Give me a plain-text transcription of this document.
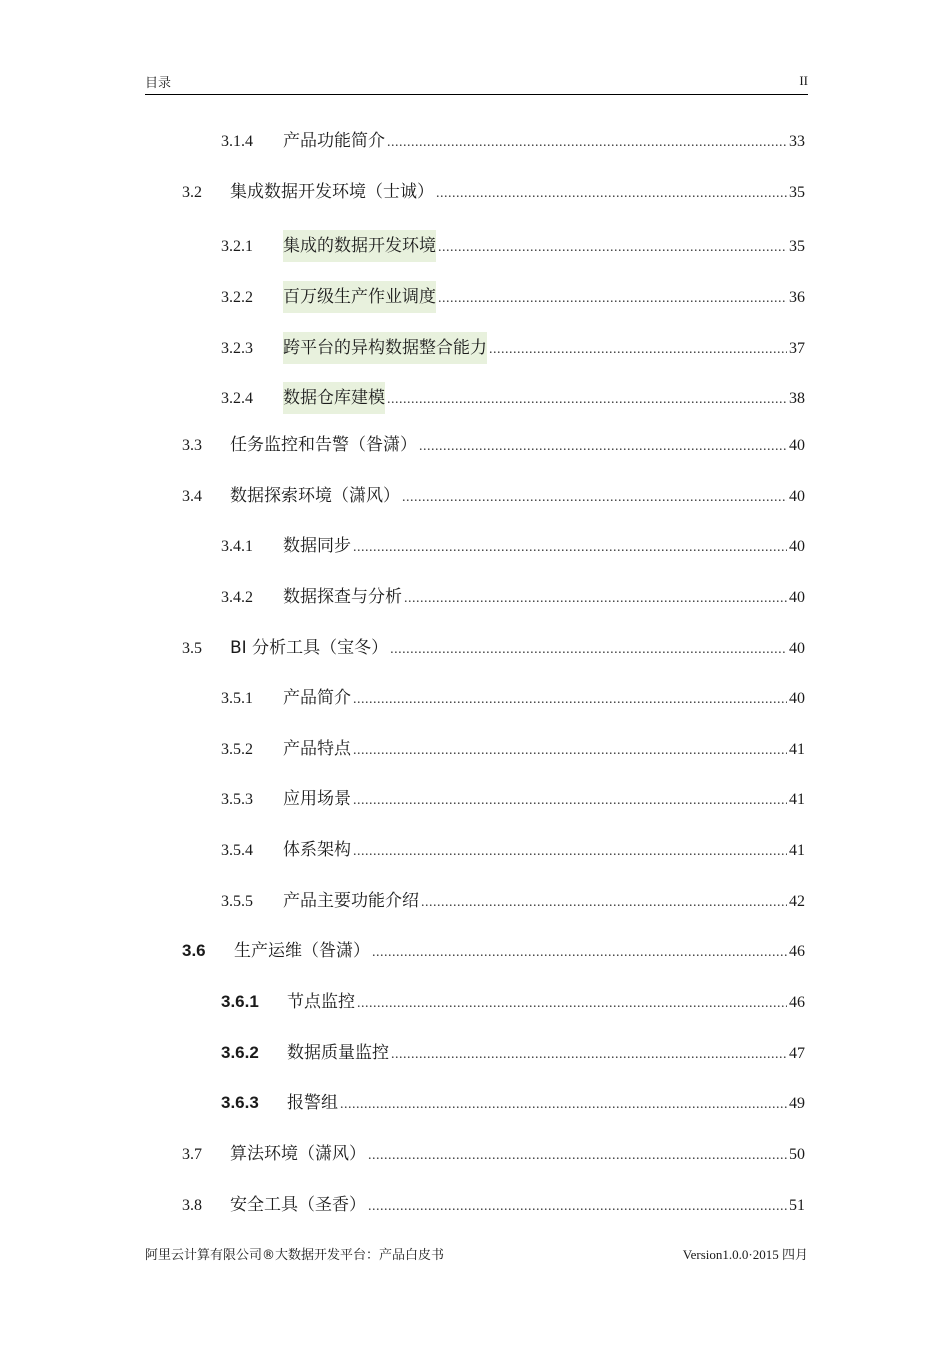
目录	II
3.1.4	产品功能简介 .....	33
3.2	集成数据开发环境（士诚） .....	35
3.2.1	集成的数据开发环境 .....	35
3.2.2	百万级生产作业调度 .....	36
3.2.3	跨平台的异构数据整合能力 .....	37
3.2.4	数据仓库建模 .....	38
3.3	任务监控和告警（昝潇） .....	40
3.4	数据探索环境（潇风） .....	40
3.4.1	数据同步 .....	40
3.4.2	数据探查与分析 .....	40
3.5	BI 分析工具（宝冬） .....	40
3.5.1	产品简介 .....	40
3.5.2	产品特点 .....	41
3.5.3	应用场景 .....	41
3.5.4	体系架构 .....	41
3.5.5	产品主要功能介绍 .....	42
3.6	生产运维（昝潇） .....	46
3.6.1	节点监控 .....	46
3.6.2	数据质量监控 .....	47
3.6.3	报警组 .....	49
3.7	算法环境（潇风） .....	50
3.8	安全工具（圣香） .....	51
阿里云计算有限公司®大数据开发平台：产品白皮书	Version1.0.0·2015 四月
